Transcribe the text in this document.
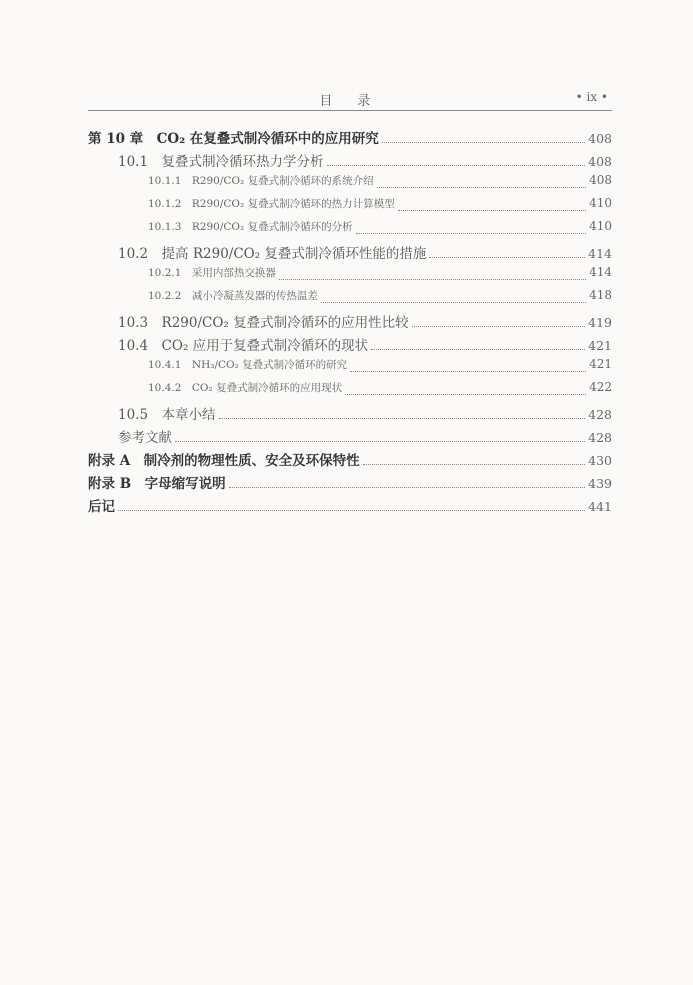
目 录	• ix •
第 10 章　CO₂ 在复叠式制冷循环中的应用研究	408
10.1　复叠式制冷循环热力学分析	408
10.1.1　R290/CO₂ 复叠式制冷循环的系统介绍	408
10.1.2　R290/CO₂ 复叠式制冷循环的热力计算模型	410
10.1.3　R290/CO₂ 复叠式制冷循环的分析	410
10.2　提高 R290/CO₂ 复叠式制冷循环性能的措施	414
10.2.1　采用内部热交换器	414
10.2.2　减小冷凝蒸发器的传热温差	418
10.3　R290/CO₂ 复叠式制冷循环的应用性比较	419
10.4　CO₂ 应用于复叠式制冷循环的现状	421
10.4.1　NH₃/CO₂ 复叠式制冷循环的研究	421
10.4.2　CO₂ 复叠式制冷循环的应用现状	422
10.5　本章小结	428
参考文献	428
附录 A　制冷剂的物理性质、安全及环保特性	430
附录 B　字母缩写说明	439
后记	441
